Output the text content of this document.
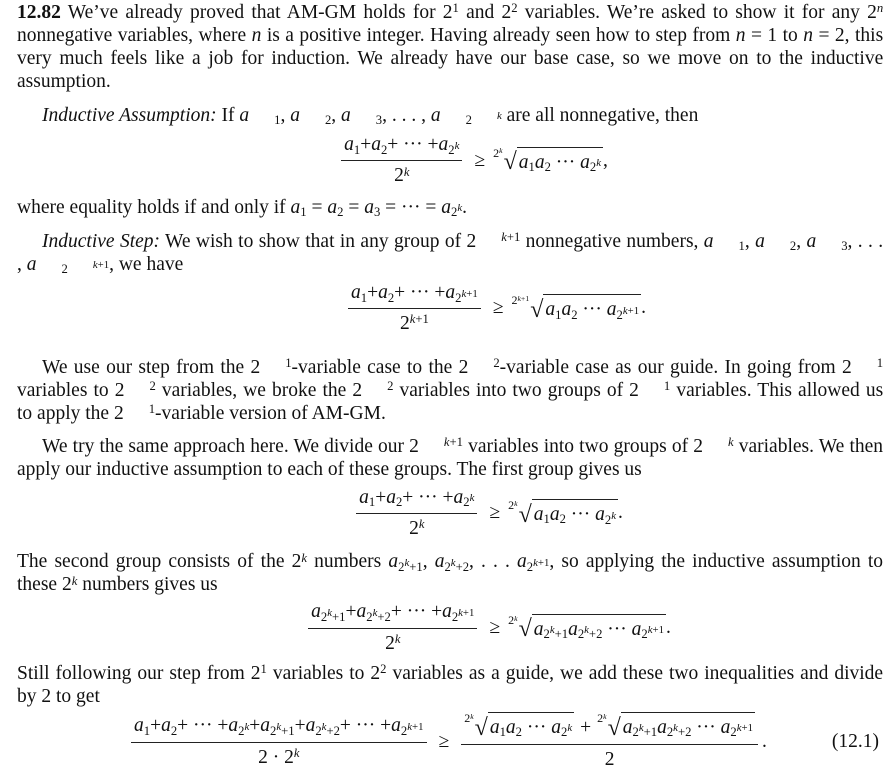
12.82 We’ve already proved that AM-GM holds for $2^1$ and $2^2$ variables. We’re asked to show it for any 2$^n$ nonnegative variables, where n is a positive integer. Having already seen how to step from n = 1 to n = 2, this very much feels like a job for induction. We already have our base case, so we move on to the inductive assumption.

Inductive Assumption: If a $_1$, a $_2$, a $_3$, . . . , a $_{2 ^k}$ are all nonnegative, then

$\frac{a_1 + a_2 + \cdot\cdot\cdot + a_{2^k}}{2^k} \ge 2^k$ √ $a_1a_2$ ··· $a_{2^k}$ ,

where equality holds if and only if $a_1 = a_2 = a_3$ = ··· = $a_{2^k}$.

Inductive Step: We wish to show that in any group of 2 $^{k+1}$ nonnegative numbers, a $_1$, a $_2$, a $_3$, . . . , a $_{2 ^{k+1}}$, we have

$\frac{a_1 + a_2 + \cdot\cdot\cdot + a_{2^{k+1}}}{2^{k+1}} \ge 2^{k+1}$ √ $a_1a_2$ ··· $a_{2^{k+1}}$ .

We use our step from the 2 $^1$-variable case to the 2 $^2$-variable case as our guide. In going from 2 $^1$ variables to 2 $^2$ variables, we broke the 2 $^2$ variables into two groups of 2 $^1$ variables. This allowed us to apply the 2 $^1$-variable version of AM-GM.

We try the same approach here. We divide our 2 $^{k+1}$ variables into two groups of 2 $^k$ variables. We then apply our inductive assumption to each of these groups. The first group gives us

$\frac{a_1 + a_2 + \cdot\cdot\cdot + a_{2^k}}{2^k} \ge 2^k$ √ $a_1a_2$ ··· $a_{2^k}$ .

The second group consists of the 2$^k$ numbers $a_{2^k+1}$, $a_{2^k+2}$, . . . $a_{2^{k+1}}$, so applying the inductive assumption to these 2$^k$ numbers gives us

$\frac{a_{2^k+1} + a_{2^k+2} + \cdot\cdot\cdot + a_{2^{k+1}}}{2^k} \ge 2^k$ √ $a_{2^k+1}a_{2^k+2}$ ··· $a_{2^{k+1}}$ .

Still following our step from $2^1$ variables to $2^2$ variables as a guide, we add these two inequalities and divide by 2 to get

$\frac{a_1 + a_2 + \cdot\cdot\cdot + a_{2^k} + a_{2^k+1} + a_{2^k+2} + \cdot\cdot\cdot + a_{2^{k+1}}}{2 \cdot 2^k}$ ≥
$2^k$ √ $a_1a_2$ ··· $a_{2^k} + 2^k$ √ $a_{2^k+1}a_{2^k+2}$ ··· $a_{2^{k+1}}$
2
.	(12.1)
